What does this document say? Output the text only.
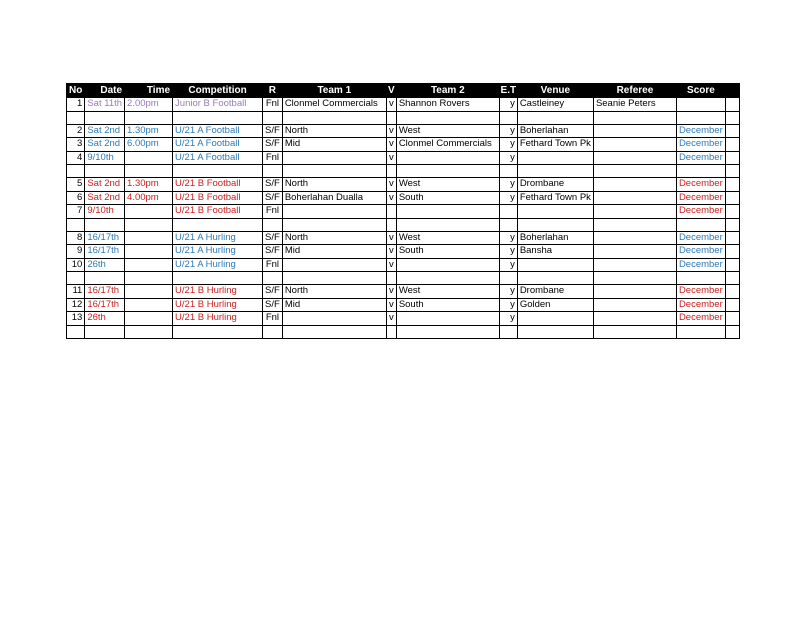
No	Date	Time	Competition	R	Team 1	V	Team 2	E.T	Venue	Referee	Score	
1	Sat 11th	2.00pm	Junior B Football	Fnl	Clonmel Commercials	v	Shannon Rovers	y	Castleiney	Seanie Peters		

2	Sat 2nd	1.30pm	U/21 A Football	S/F	North	v	West	y	Boherlahan		December	
3	Sat 2nd	6.00pm	U/21 A Football	S/F	Mid	v	Clonmel Commercials	y	Fethard Town Pk		December	
4	9/10th		U/21 A Football	Fnl		v		y			December	

5	Sat 2nd	1.30pm	U/21 B Football	S/F	North	v	West	y	Drombane		December	
6	Sat 2nd	4.00pm	U/21 B Football	S/F	Boherlahan Dualla	v	South	y	Fethard Town Pk		December	
7	9/10th		U/21 B Football	Fnl							December	

8	16/17th		U/21 A Hurling	S/F	North	v	West	y	Boherlahan		December	
9	16/17th		U/21 A Hurling	S/F	Mid	v	South	y	Bansha		December	
10	26th		U/21 A Hurling	Fnl		v		y			December	

11	16/17th		U/21 B Hurling	S/F	North	v	West	y	Drombane		December	
12	16/17th		U/21 B Hurling	S/F	Mid	v	South	y	Golden		December	
13	26th		U/21 B Hurling	Fnl		v		y			December	
